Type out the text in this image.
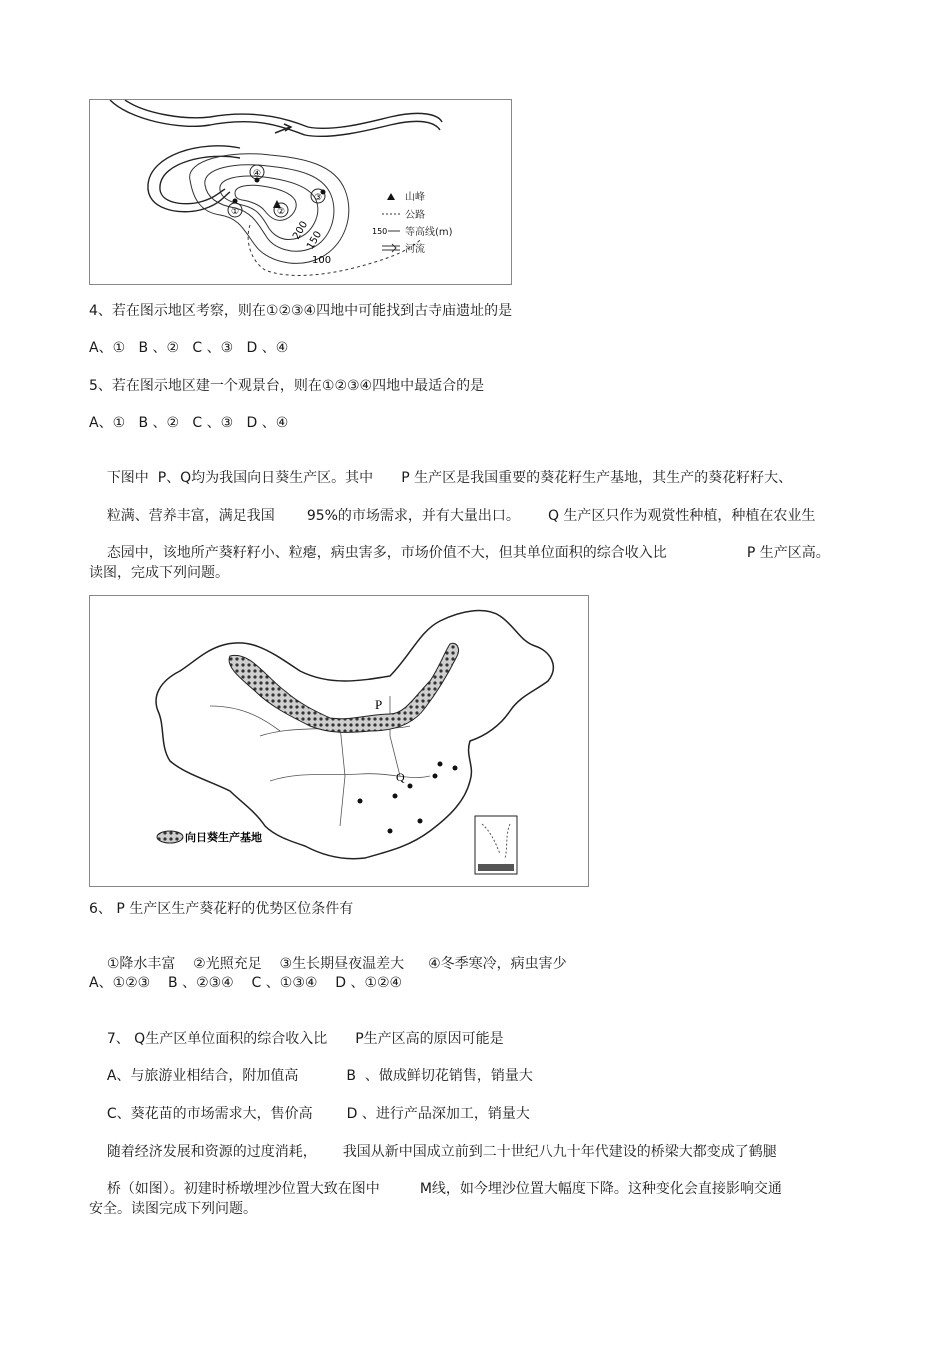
④
①	②
③
200
150
100
山峰
公路
150 等高线(m)
河流
4、若在图示地区考察，则在①②③④四地中可能找到古寺庙遗址的是
A、①   B 、②   C 、③   D 、④
5、若在图示地区建一个观景台，则在①②③④四地中最适合的是
A、①   B 、②   C 、③   D 、④

下图中  P、Q均为我国向日葵生产区。其中 P 生产区是我国重要的葵花籽生产基地，其生产的葵花籽籽大、

粒满、营养丰富，满足我国 95%的市场需求，并有大量出口。 Q 生产区只作为观赏性种植，种植在农业生

态园中，该地所产葵籽籽小、粒瘪，病虫害多，市场价值不大，但其单位面积的综合收入比	P 生产区高。

读图，完成下列问题。
P
Q
向日葵生产基地
6、 P 生产区生产葵花籽的优势区位条件有

①降水丰富    ②光照充足    ③生长期昼夜温差大 ④冬季寒冷，病虫害少

A、①②③    B 、②③④    C 、①③④    D 、①②④

7、 Q生产区单位面积的综合收入比 P生产区高的原因可能是

A、与旅游业相结合，附加值高	B  、做成鲜切花销售，销量大

C、葵花苗的市场需求大，售价高 D 、进行产品深加工，销量大

随着经济发展和资源的过度消耗， 我国从新中国成立前到二十世纪八九十年代建设的桥梁大都变成了鹤腿

桥（如图）。初建时桥墩埋沙位置大致在图中	M线，如今埋沙位置大幅度下降。这种变化会直接影响交通

安全。读图完成下列问题。
